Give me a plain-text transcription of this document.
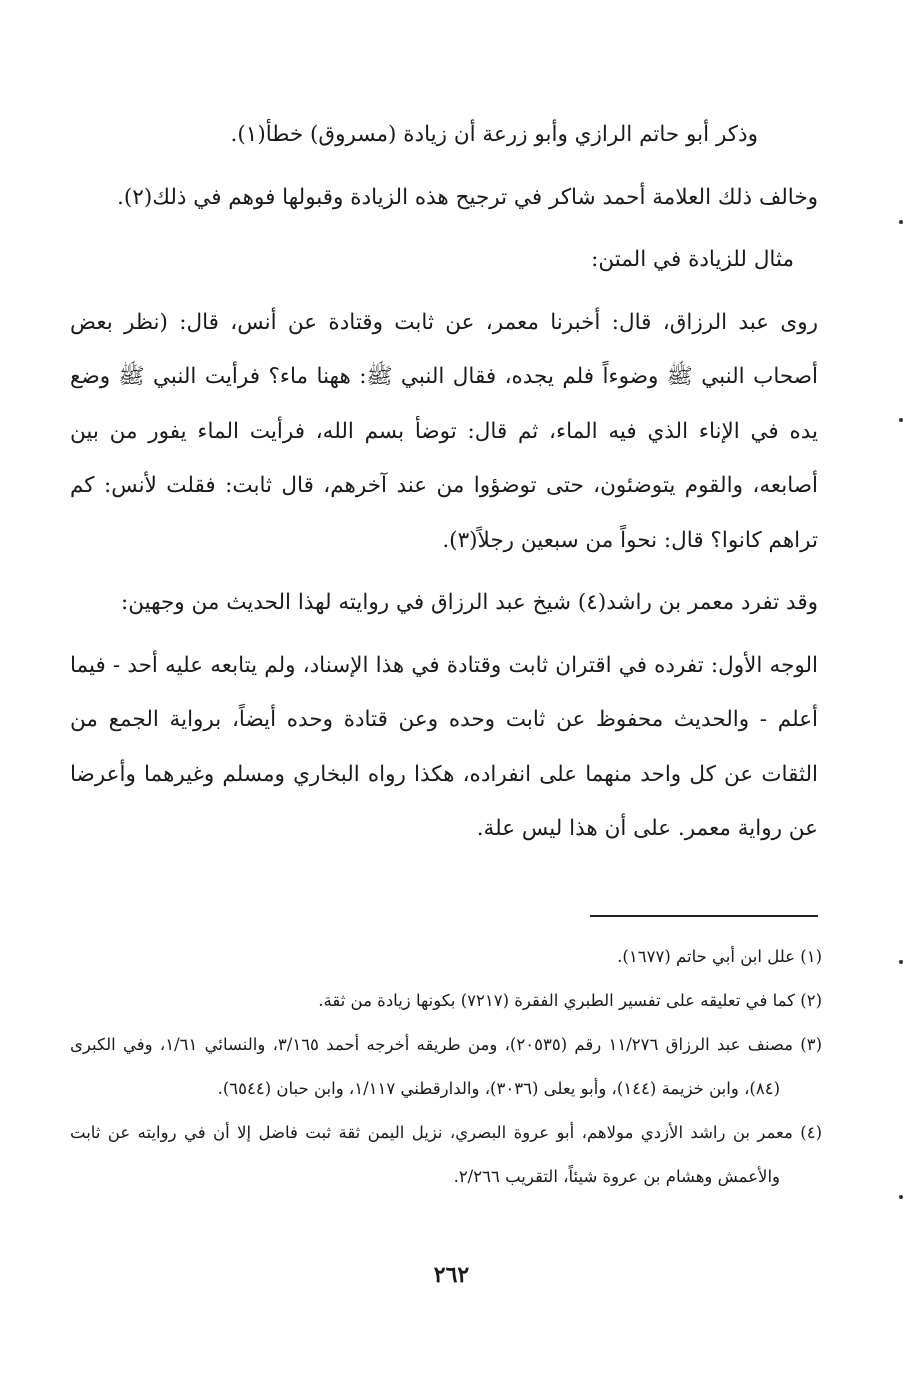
وذكر أبو حاتم الرازي وأبو زرعة أن زيادة (مسروق) خطأ(١).

وخالف ذلك العلامة أحمد شاكر في ترجيح هذه الزيادة وقبولها فوهم في ذلك(٢).

مثال للزيادة في المتن:

روى عبد الرزاق، قال: أخبرنا معمر، عن ثابت وقتادة عن أنس، قال: (نظر بعض أصحاب النبي ﷺ وضوءاً فلم يجده، فقال النبي ﷺ: ههنا ماء؟ فرأيت النبي ﷺ وضع يده في الإناء الذي فيه الماء، ثم قال: توضأ بسم الله، فرأيت الماء يفور من بين أصابعه، والقوم يتوضئون، حتى توضؤوا من عند آخرهم، قال ثابت: فقلت لأنس: كم تراهم كانوا؟ قال: نحواً من سبعين رجلاً(٣).

وقد تفرد معمر بن راشد(٤) شيخ عبد الرزاق في روايته لهذا الحديث من وجهين:

الوجه الأول: تفرده في اقتران ثابت وقتادة في هذا الإسناد، ولم يتابعه عليه أحد - فيما أعلم - والحديث محفوظ عن ثابت وحده وعن قتادة وحده أيضاً، برواية الجمع من الثقات عن كل واحد منهما على انفراده، هكذا رواه البخاري ومسلم وغيرهما وأعرضا عن رواية معمر. على أن هذا ليس علة.

(١) علل ابن أبي حاتم (١٦٧٧).

(٢) كما في تعليقه على تفسير الطبري الفقرة (٧٢١٧) بكونها زيادة من ثقة.

(٣) مصنف عبد الرزاق ١١/٢٧٦ رقم (٢٠٥٣٥)، ومن طريقه أخرجه أحمد ٣/١٦٥، والنسائي ١/٦١، وفي الكبرى (٨٤)، وابن خزيمة (١٤٤)، وأبو يعلى (٣٠٣٦)، والدارقطني ١/١١٧، وابن حبان (٦٥٤٤).

(٤) معمر بن راشد الأزدي مولاهم، أبو عروة البصري، نزيل اليمن ثقة ثبت فاضل إلا أن في روايته عن ثابت والأعمش وهشام بن عروة شيئاً، التقريب ٢/٢٦٦.

٢٦٢
